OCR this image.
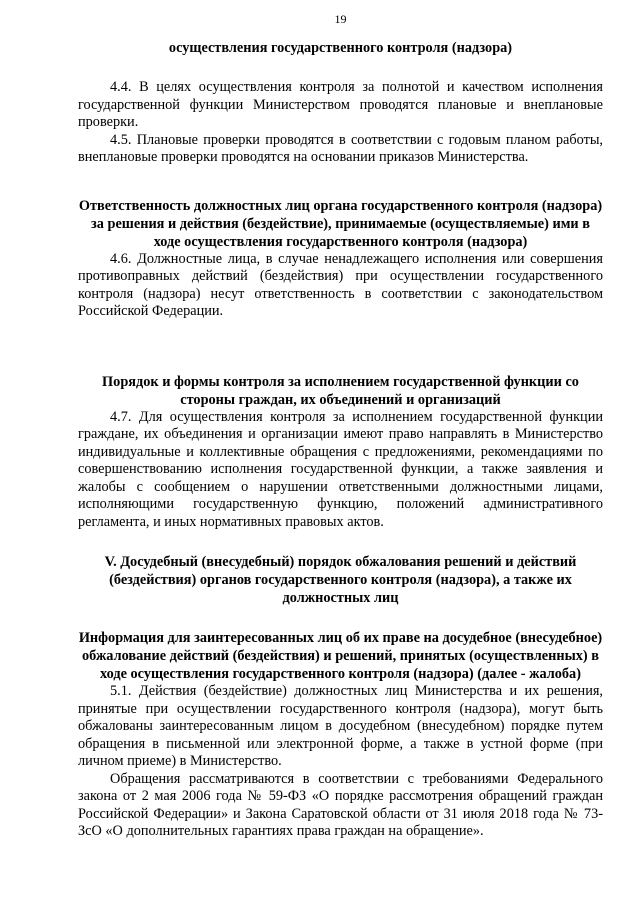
19
осуществления государственного контроля (надзора)

4.4. В целях осуществления контроля за полнотой и качеством исполнения государственной функции Министерством проводятся плановые и внеплановые проверки.

4.5. Плановые проверки проводятся в соответствии с годовым планом работы, внеплановые проверки проводятся на основании приказов Министерства.

Ответственность должностных лиц органа государственного контроля (надзора) за решения и действия (бездействие), принимаемые (осуществляемые) ими в ходе осуществления государственного контроля (надзора)

4.6. Должностные лица, в случае ненадлежащего исполнения или совершения противоправных действий (бездействия) при осуществлении государственного контроля (надзора) несут ответственность в соответствии с законодательством Российской Федерации.

Порядок и формы контроля за исполнением государственной функции со стороны граждан, их объединений и организаций

4.7. Для осуществления контроля за исполнением государственной функции граждане, их объединения и организации имеют право направлять в Министерство индивидуальные и коллективные обращения с предложениями, рекомендациями по совершенствованию исполнения государственной функции, а также заявления и жалобы с сообщением о нарушении ответственными должностными лицами, исполняющими государственную функцию, положений административного регламента, и иных нормативных правовых актов.

V. Досудебный (внесудебный) порядок обжалования решений и действий (бездействия) органов государственного контроля (надзора), а также их должностных лиц
Информация для заинтересованных лиц об их праве на досудебное (внесудебное) обжалование действий (бездействия) и решений, принятых (осуществленных) в ходе осуществления государственного контроля (надзора) (далее - жалоба)

5.1. Действия (бездействие) должностных лиц Министерства и их решения, принятые при осуществлении государственного контроля (надзора), могут быть обжалованы заинтересованным лицом в досудебном (внесудебном) порядке путем обращения в письменной или электронной форме, а также в устной форме (при личном приеме) в Министерство.

Обращения рассматриваются в соответствии с требованиями Федерального закона от 2 мая 2006 года № 59-ФЗ «О порядке рассмотрения обращений граждан Российской Федерации» и Закона Саратовской области от 31 июля 2018 года № 73-ЗсО «О дополнительных гарантиях права граждан на обращение».
